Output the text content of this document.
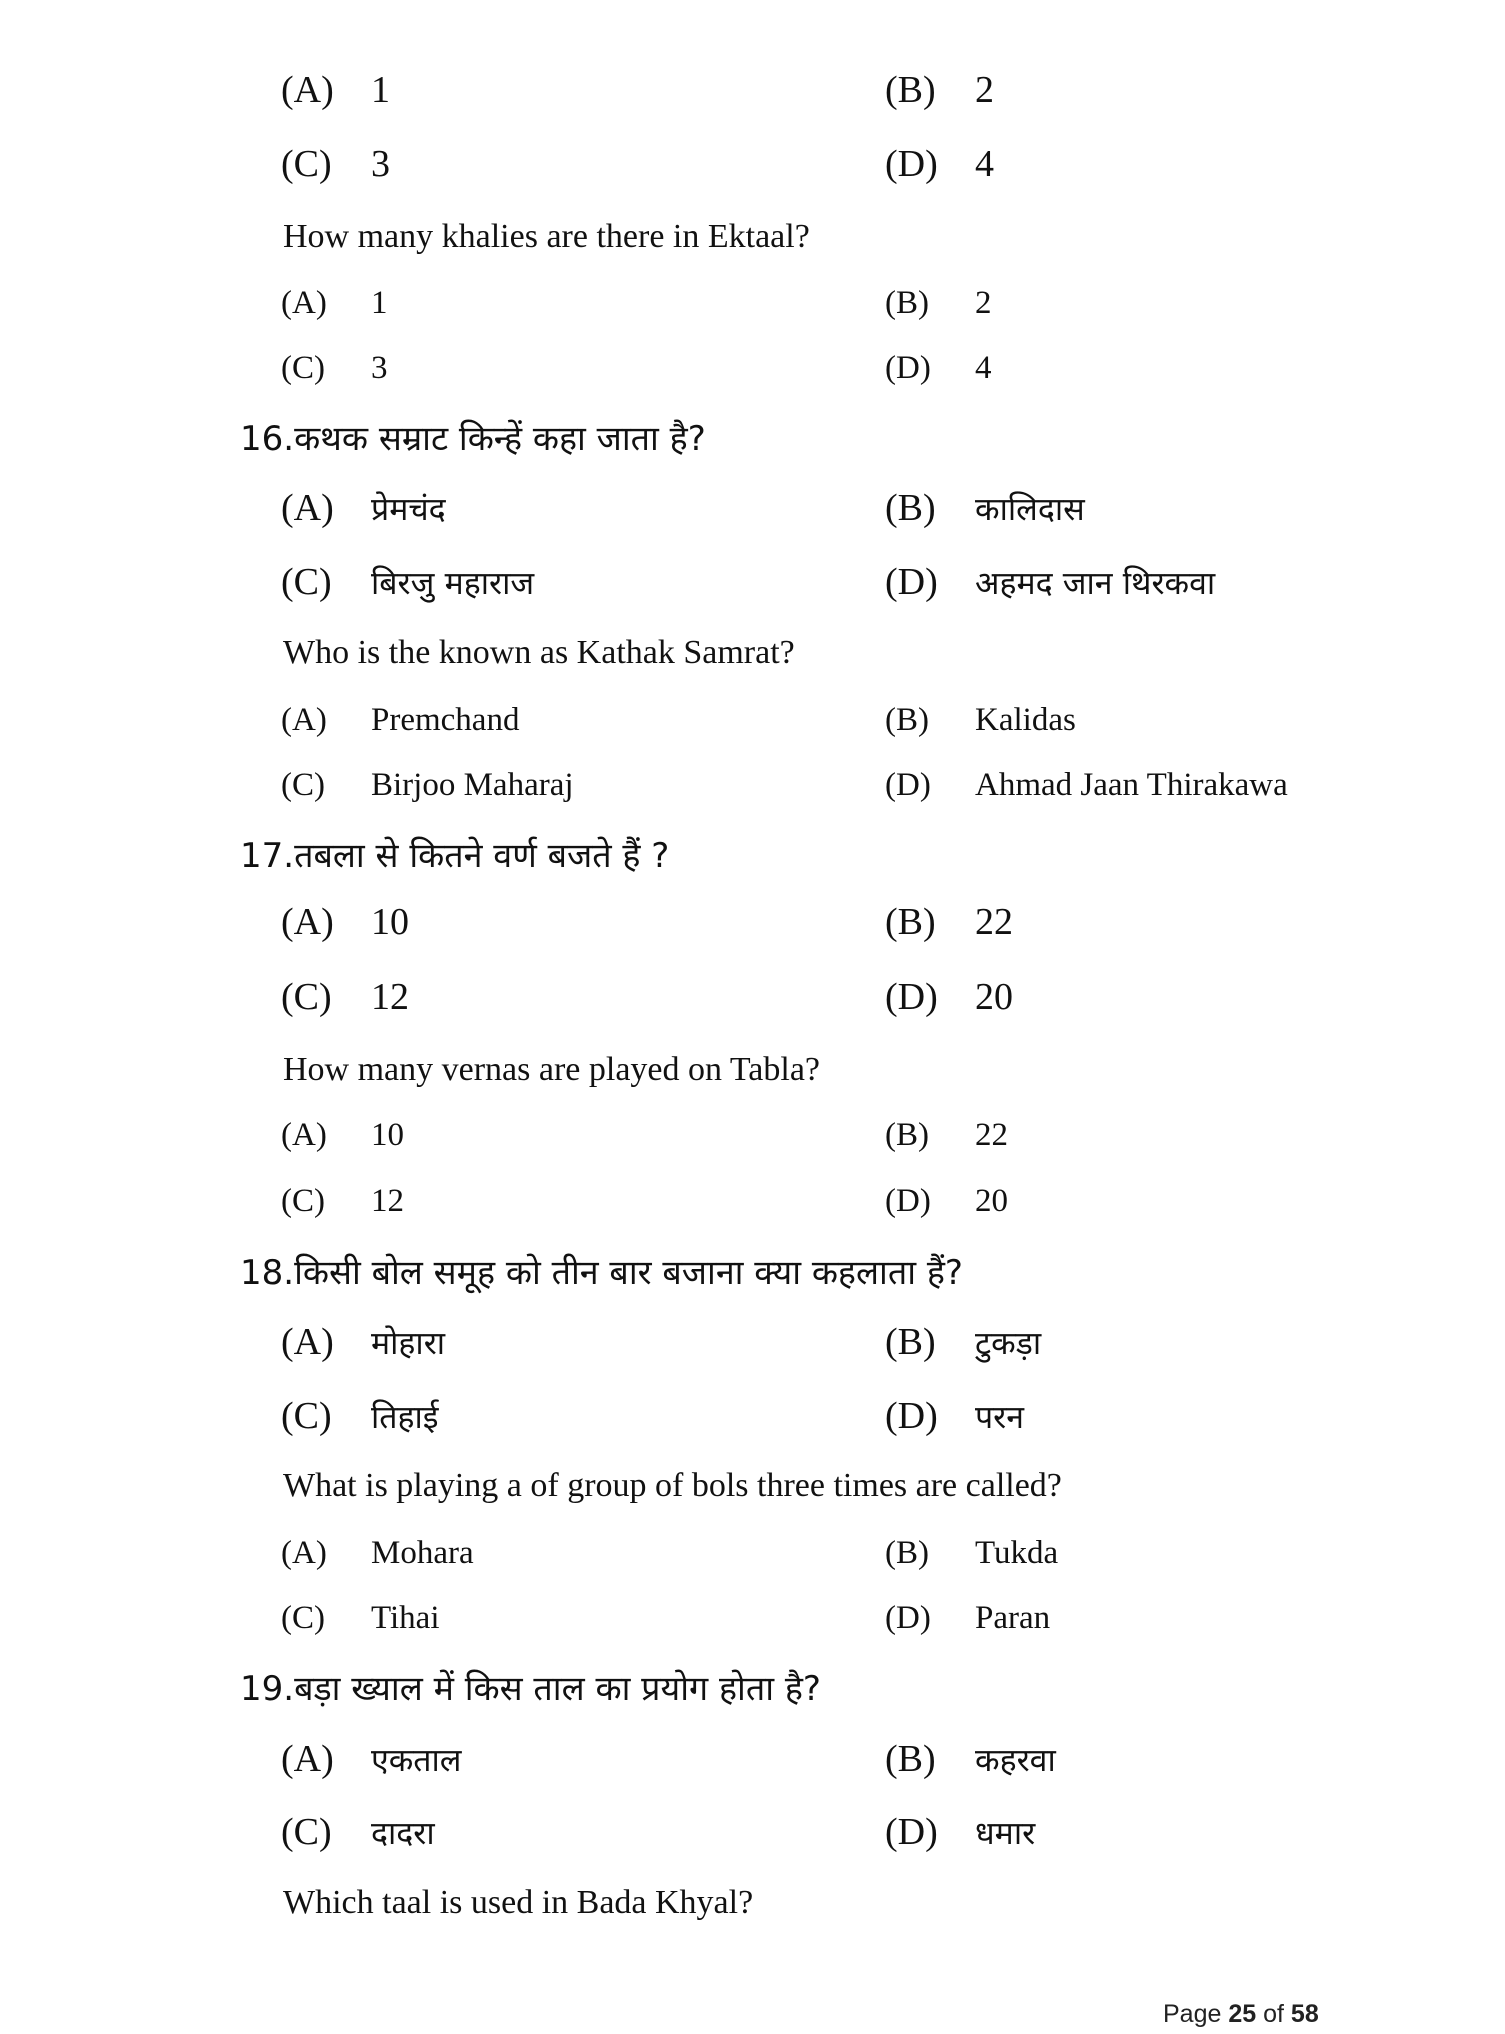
(A) 1	(B) 2
(C) 3	(D) 4
How many khalies are there in Ektaal?
(A) 1	(B) 2
(C) 3	(D) 4
16.कथक सम्राट किन्हें कहा जाता है?
(A) प्रेमचंद	(B) कालिदास
(C) बिरजु महाराज	(D) अहमद जान थिरकवा
Who is the known as Kathak Samrat?
(A) Premchand	(B) Kalidas
(C) Birjoo Maharaj	(D) Ahmad Jaan Thirakawa
17.तबला से कितने वर्ण बजते हैं ?
(A) 10	(B) 22
(C) 12	(D) 20
How many vernas are played on Tabla?
(A) 10	(B) 22
(C) 12	(D) 20
18.किसी बोल समूह को तीन बार बजाना क्या कहलाता हैं?
(A) मोहारा	(B) टुकड़ा
(C) तिहाई	(D) परन
What is playing a of group of bols three times are called?
(A) Mohara	(B) Tukda
(C) Tihai	(D) Paran
19.बड़ा ख्याल में किस ताल का प्रयोग होता है?
(A) एकताल	(B) कहरवा
(C) दादरा	(D) धमार
Which taal is used in Bada Khyal?
Page 25 of 58
